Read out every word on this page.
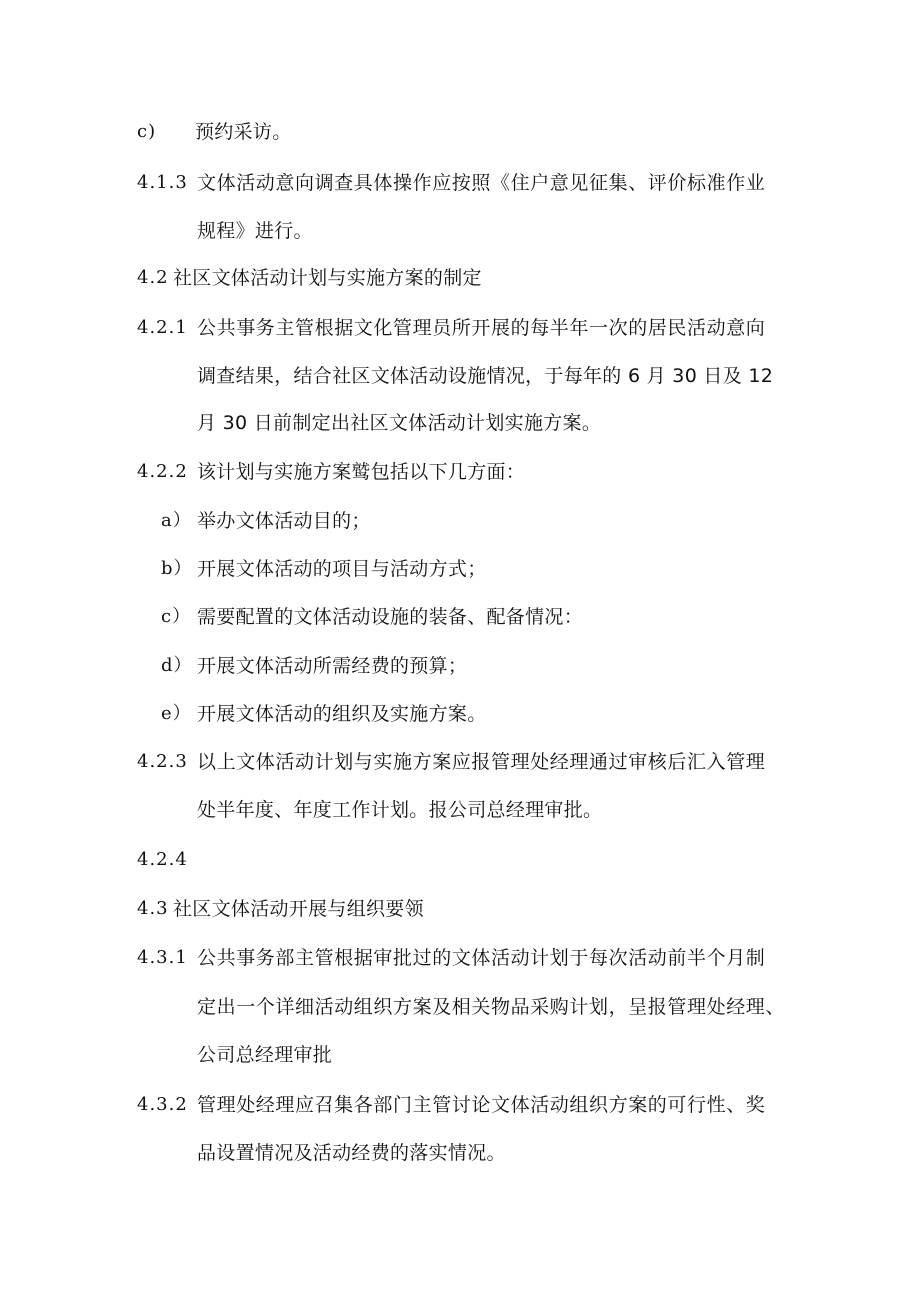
c) 预约采访。
4.1.3 文体活动意向调查具体操作应按照《住户意见征集、评价标准作业
规程》进行。
4.2 社区文体活动计划与实施方案的制定
4.2.1 公共事务主管根据文化管理员所开展的每半年一次的居民活动意向
调查结果，结合社区文体活动设施情况，于每年的 6 月 30 日及 12
月 30 日前制定出社区文体活动计划实施方案。
4.2.2 该计划与实施方案鹫包括以下几方面：
a） 举办文体活动目的；
b） 开展文体活动的项目与活动方式；
c） 需要配置的文体活动设施的装备、配备情况：
d） 开展文体活动所需经费的预算；
e） 开展文体活动的组织及实施方案。
4.2.3 以上文体活动计划与实施方案应报管理处经理通过审核后汇入管理
处半年度、年度工作计划。报公司总经理审批。
4.2.4
4.3 社区文体活动开展与组织要领
4.3.1 公共事务部主管根据审批过的文体活动计划于每次活动前半个月制
定出一个详细活动组织方案及相关物品采购计划，呈报管理处经理、
公司总经理审批
4.3.2 管理处经理应召集各部门主管讨论文体活动组织方案的可行性、奖
品设置情况及活动经费的落实情况。
